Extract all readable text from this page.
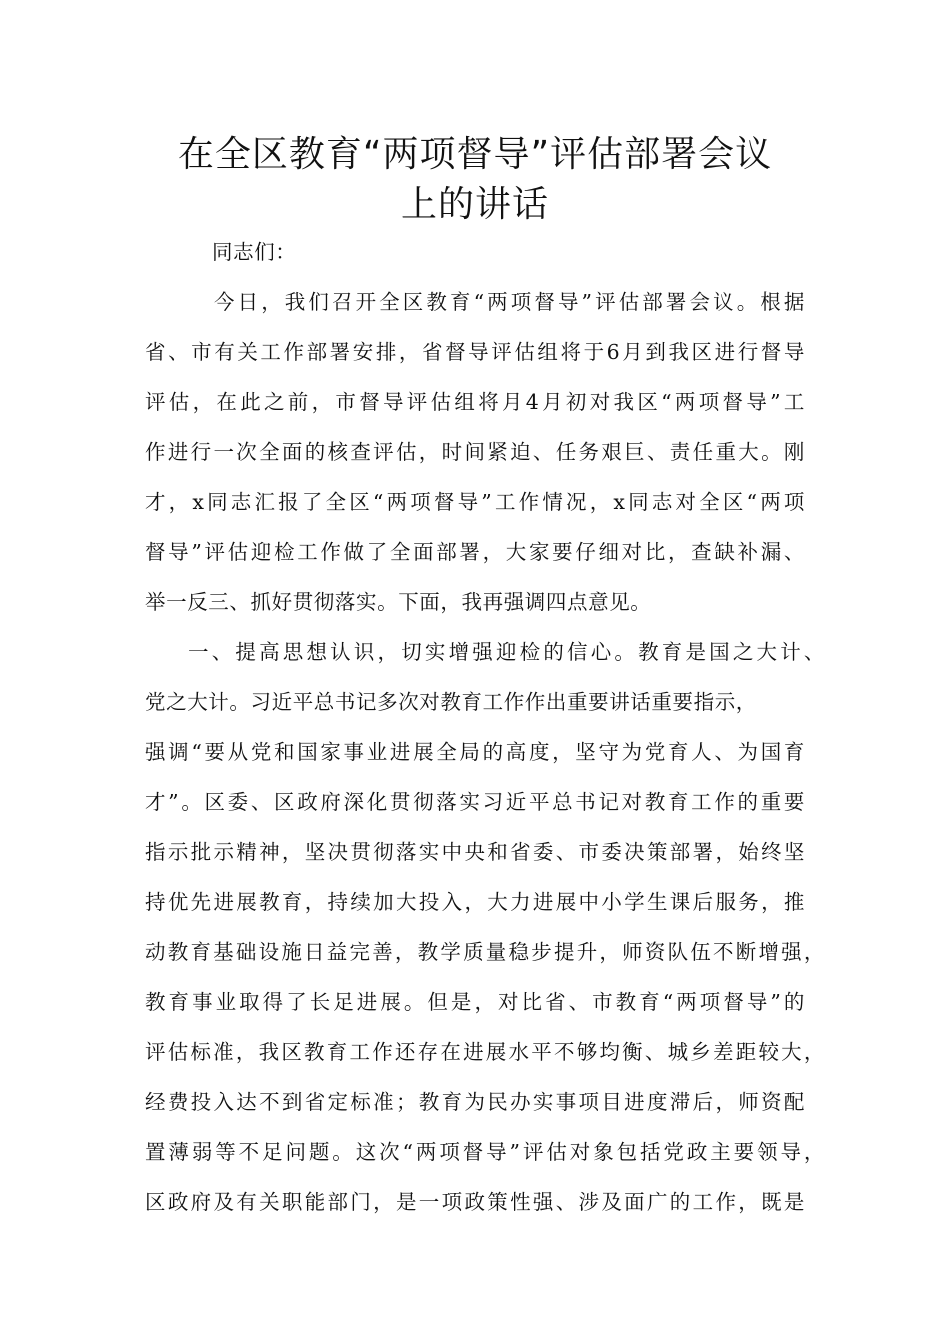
在全区教育“两项督导”评估部署会议
上的讲话
同志们：
今日，我们召开全区教育“两项督导”评估部署会议。根据
省、市有关工作部署安排，省督导评估组将于6月到我区进行督导
评估，在此之前，市督导评估组将月4月初对我区“两项督导”工
作进行一次全面的核查评估，时间紧迫、任务艰巨、责任重大。刚
才，x同志汇报了全区“两项督导”工作情况，x同志对全区“两项
督导”评估迎检工作做了全面部署，大家要仔细对比，查缺补漏、
举一反三、抓好贯彻落实。下面，我再强调四点意见。
一、提高思想认识，切实增强迎检的信心。教育是国之大计、
党之大计。习近平总书记多次对教育工作作出重要讲话重要指示，
强调“要从党和国家事业进展全局的高度，坚守为党育人、为国育
才”。区委、区政府深化贯彻落实习近平总书记对教育工作的重要
指示批示精神，坚决贯彻落实中央和省委、市委决策部署，始终坚
持优先进展教育，持续加大投入，大力进展中小学生课后服务，推
动教育基础设施日益完善，教学质量稳步提升，师资队伍不断增强，
教育事业取得了长足进展。但是，对比省、市教育“两项督导”的
评估标准，我区教育工作还存在进展水平不够均衡、城乡差距较大，
经费投入达不到省定标准；教育为民办实事项目进度滞后，师资配
置薄弱等不足问题。这次“两项督导”评估对象包括党政主要领导，
区政府及有关职能部门，是一项政策性强、涉及面广的工作，既是
